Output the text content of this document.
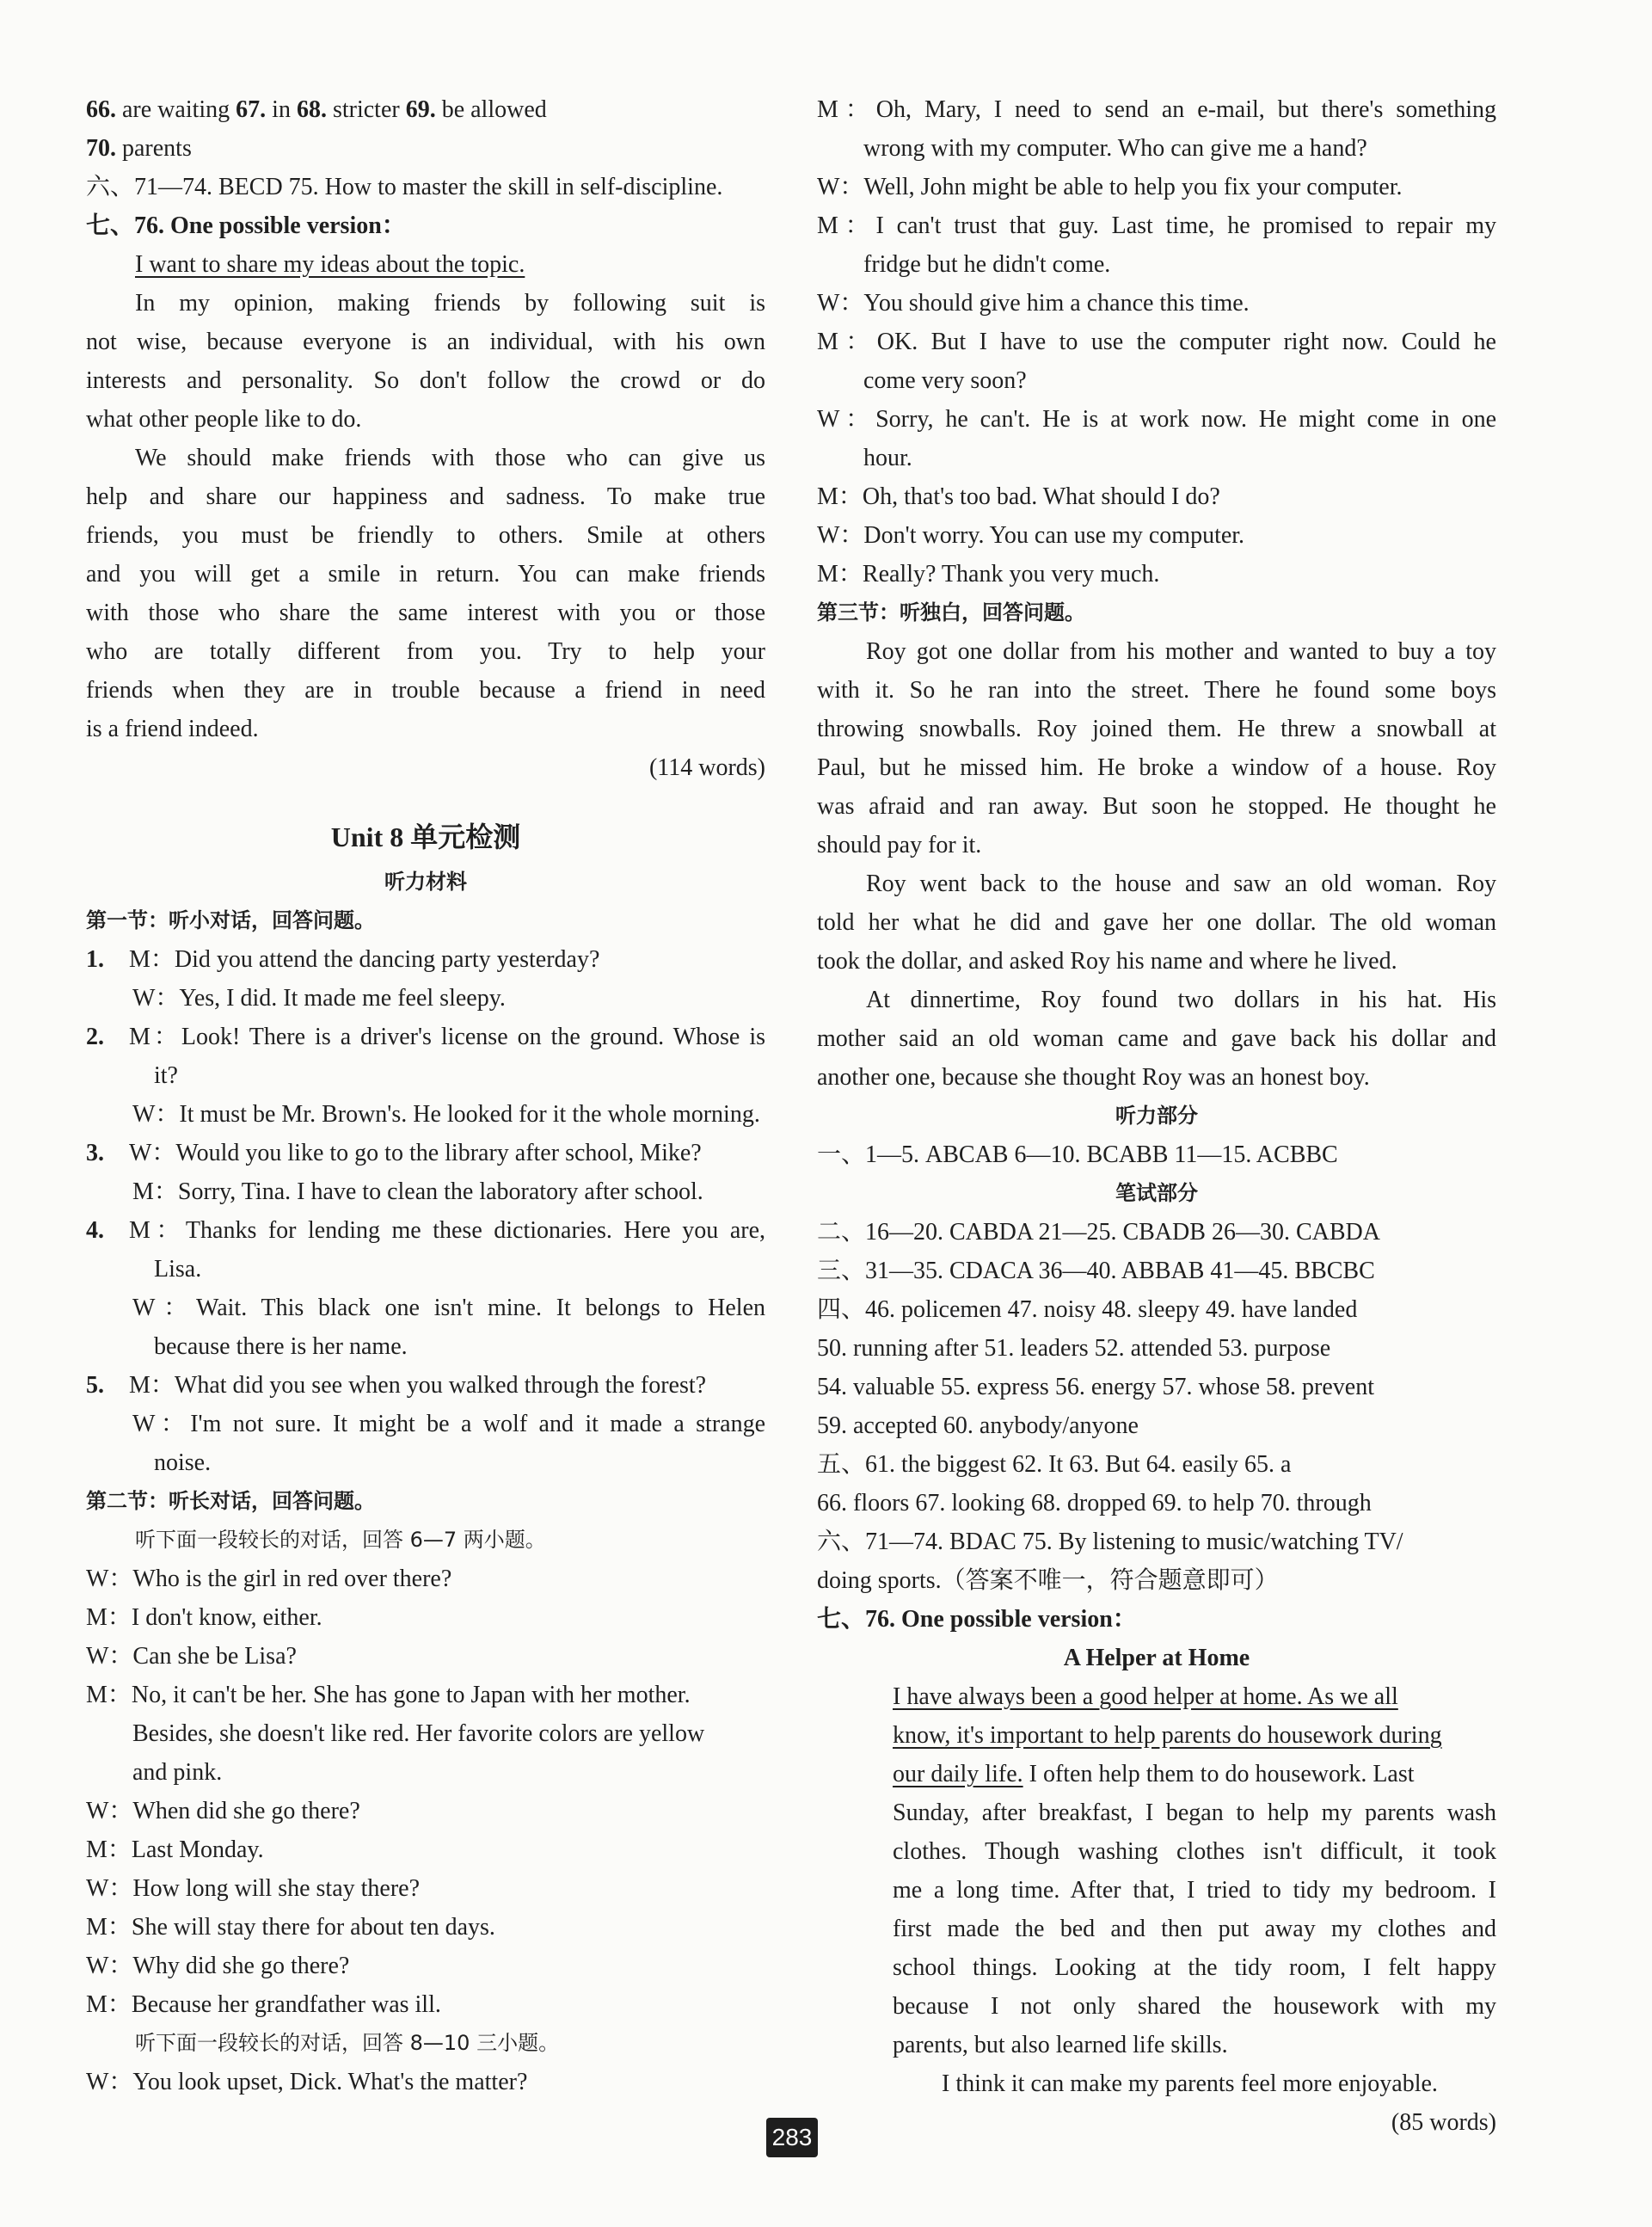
66. are waiting 67. in 68. stricter 69. be allowed
70. parents
六、71—74. BECD 75. How to master the skill in self-discipline.
七、76. One possible version：
I want to share my ideas about the topic.
In my opinion, making friends by following suit is
not wise, because everyone is an individual, with his own
interests and personality. So don't follow the crowd or do
what other people like to do.
We should make friends with those who can give us
help and share our happiness and sadness. To make true
friends, you must be friendly to others. Smile at others
and you will get a smile in return. You can make friends
with those who share the same interest with you or those
who are totally different from you. Try to help your
friends when they are in trouble because a friend in need
is a friend indeed.
(114 words)
Unit 8 单元检测
听力材料
第一节：听小对话，回答问题。
1. M：Did you attend the dancing party yesterday?
W：Yes, I did. It made me feel sleepy.
2. M：Look! There is a driver's license on the ground. Whose is
it?
W：It must be Mr. Brown's. He looked for it the whole morning.
3. W：Would you like to go to the library after school, Mike?
M：Sorry, Tina. I have to clean the laboratory after school.
4. M：Thanks for lending me these dictionaries. Here you are,
Lisa.
W：Wait. This black one isn't mine. It belongs to Helen
because there is her name.
5. M：What did you see when you walked through the forest?
W：I'm not sure. It might be a wolf and it made a strange
noise.
第二节：听长对话，回答问题。
听下面一段较长的对话，回答 6—7 两小题。
W：Who is the girl in red over there?
M：I don't know, either.
W：Can she be Lisa?
M：No, it can't be her. She has gone to Japan with her mother.
Besides, she doesn't like red. Her favorite colors are yellow
and pink.
W：When did she go there?
M：Last Monday.
W：How long will she stay there?
M：She will stay there for about ten days.
W：Why did she go there?
M：Because her grandfather was ill.
听下面一段较长的对话，回答 8—10 三小题。
W：You look upset, Dick. What's the matter?
M：Oh, Mary, I need to send an e-mail, but there's something
wrong with my computer. Who can give me a hand?
W：Well, John might be able to help you fix your computer.
M：I can't trust that guy. Last time, he promised to repair my
fridge but he didn't come.
W：You should give him a chance this time.
M：OK. But I have to use the computer right now. Could he
come very soon?
W：Sorry, he can't. He is at work now. He might come in one
hour.
M：Oh, that's too bad. What should I do?
W：Don't worry. You can use my computer.
M：Really? Thank you very much.
第三节：听独白，回答问题。
Roy got one dollar from his mother and wanted to buy a toy
with it. So he ran into the street. There he found some boys
throwing snowballs. Roy joined them. He threw a snowball at
Paul, but he missed him. He broke a window of a house. Roy
was afraid and ran away. But soon he stopped. He thought he
should pay for it.
Roy went back to the house and saw an old woman. Roy
told her what he did and gave her one dollar. The old woman
took the dollar, and asked Roy his name and where he lived.
At dinnertime, Roy found two dollars in his hat. His
mother said an old woman came and gave back his dollar and
another one, because she thought Roy was an honest boy.
听力部分
一、1—5. ABCAB 6—10. BCABB 11—15. ACBBC
笔试部分
二、16—20. CABDA 21—25. CBADB 26—30. CABDA
三、31—35. CDACA 36—40. ABBAB 41—45. BBCBC
四、46. policemen 47. noisy 48. sleepy 49. have landed
50. running after 51. leaders 52. attended 53. purpose
54. valuable 55. express 56. energy 57. whose 58. prevent
59. accepted 60. anybody/anyone
五、61. the biggest 62. It 63. But 64. easily 65. a
66. floors 67. looking 68. dropped 69. to help 70. through
六、71—74. BDAC 75. By listening to music/watching TV/
doing sports.（答案不唯一，符合题意即可）
七、76. One possible version：
A Helper at Home
I have always been a good helper at home. As we all
know, it's important to help parents do housework during
our daily life. I often help them to do housework. Last
Sunday, after breakfast, I began to help my parents wash
clothes. Though washing clothes isn't difficult, it took
me a long time. After that, I tried to tidy my bedroom. I
first made the bed and then put away my clothes and
school things. Looking at the tidy room, I felt happy
because I not only shared the housework with my
parents, but also learned life skills.
I think it can make my parents feel more enjoyable.
(85 words)
283
